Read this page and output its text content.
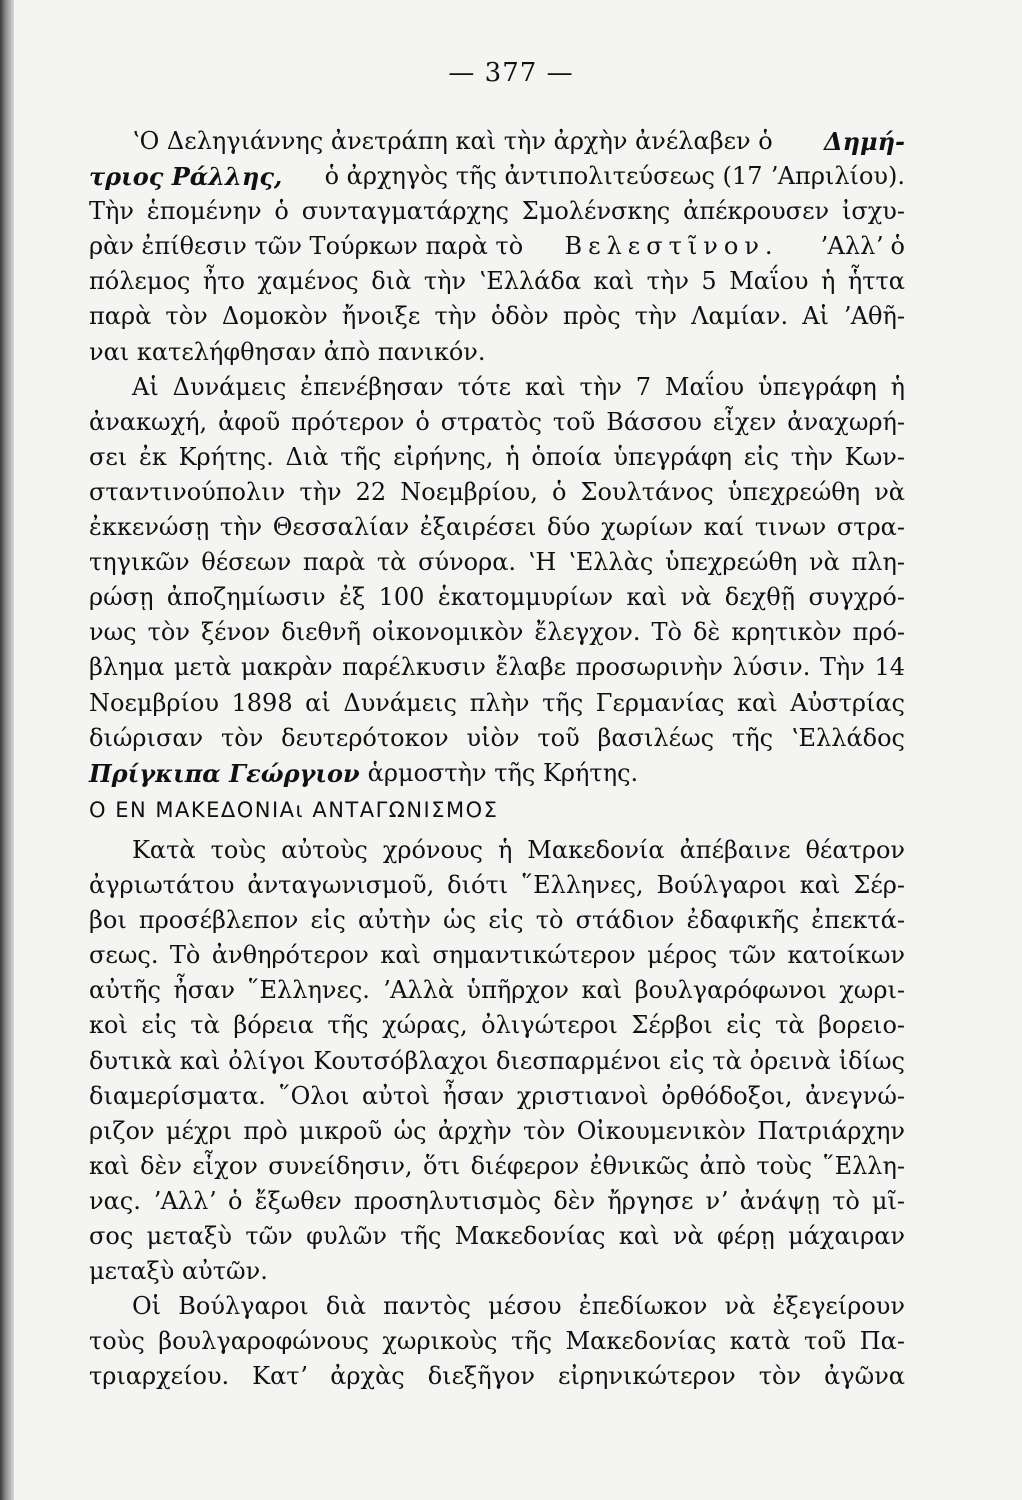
— 377 —
ʽΟ Δεληγιάννης ἀνετράπη καὶ τὴν ἀρχὴν ἀνέλαβεν ὁ Δημή-
τριος Ράλλης, ὁ ἀρχηγὸς τῆς ἀντιπολιτεύσεως (17 ʼΑπριλίου).
Τὴν ἑπομένην ὁ συνταγματάρχης Σμολένσκης ἀπέκρουσεν ἰσχυ-
ρὰν ἐπίθεσιν τῶν Τούρκων παρὰ τὸ Βελεστῖνον. ʼΑλλʼ ὁ
πόλεμος ἦτο χαμένος διὰ τὴν ʽΕλλάδα καὶ τὴν 5 Μαΐου ἡ ἧττα
παρὰ τὸν Δομοκὸν ἤνοιξε τὴν ὁδὸν πρὸς τὴν Λαμίαν. Αἱ ʼΑθῆ-
ναι κατελήφθησαν ἀπὸ πανικόν.
Αἱ Δυνάμεις ἐπενέβησαν τότε καὶ τὴν 7 Μαΐου ὑπεγράφη ἡ
ἀνακωχή, ἀφοῦ πρότερον ὁ στρατὸς τοῦ Βάσσου εἶχεν ἀναχωρή-
σει ἐκ Κρήτης. Διὰ τῆς εἰρήνης, ἡ ὁποία ὑπεγράφη εἰς τὴν Κων-
σταντινούπολιν τὴν 22 Νοεμβρίου, ὁ Σουλτάνος ὑπεχρεώθη νὰ
ἐκκενώσῃ τὴν Θεσσαλίαν ἐξαιρέσει δύο χωρίων καί τινων στρα-
τηγικῶν θέσεων παρὰ τὰ σύνορα. ʽΗ ʽΕλλὰς ὑπεχρεώθη νὰ πλη-
ρώσῃ ἀποζημίωσιν ἐξ 100 ἑκατομμυρίων καὶ νὰ δεχθῇ συγχρό-
νως τὸν ξένον διεθνῆ οἰκονομικὸν ἔλεγχον. Τὸ δὲ κρητικὸν πρό-
βλημα μετὰ μακρὰν παρέλκυσιν ἔλαβε προσωρινὴν λύσιν. Τὴν 14
Νοεμβρίου 1898 αἱ Δυνάμεις πλὴν τῆς Γερμανίας καὶ Αὐστρίας
διώρισαν τὸν δευτερότοκον υἱὸν τοῦ βασιλέως τῆς ʽΕλλάδος
Πρίγκιπα Γεώργιον ἁρμοστὴν τῆς Κρήτης.
Ο ΕΝ ΜΑΚΕΔΟΝΙΑι ΑΝΤΑΓΩΝΙΣΜΟΣ
Κατὰ τοὺς αὐτοὺς χρόνους ἡ Μακεδονία ἀπέβαινε θέατρον
ἀγριωτάτου ἀνταγωνισμοῦ, διότι ῞Ελληνες, Βούλγαροι καὶ Σέρ-
βοι προσέβλεπον εἰς αὐτὴν ὡς εἰς τὸ στάδιον ἐδαφικῆς ἐπεκτά-
σεως. Τὸ ἀνθηρότερον καὶ σημαντικώτερον μέρος τῶν κατοίκων
αὐτῆς ἦσαν ῞Ελληνες. ʼΑλλὰ ὑπῆρχον καὶ βουλγαρόφωνοι χωρι-
κοὶ εἰς τὰ βόρεια τῆς χώρας, ὀλιγώτεροι Σέρβοι εἰς τὰ βορειο-
δυτικὰ καὶ ὀλίγοι Κουτσόβλαχοι διεσπαρμένοι εἰς τὰ ὀρεινὰ ἰδίως
διαμερίσματα. ῞Ολοι αὐτοὶ ἦσαν χριστιανοὶ ὀρθόδοξοι, ἀνεγνώ-
ριζον μέχρι πρὸ μικροῦ ὡς ἀρχὴν τὸν Οἰκουμενικὸν Πατριάρχην
καὶ δὲν εἶχον συνείδησιν, ὅτι διέφερον ἐθνικῶς ἀπὸ τοὺς ῞Ελλη-
νας. ʼΑλλʼ ὁ ἔξωθεν προσηλυτισμὸς δὲν ἤργησε νʼ ἀνάψῃ τὸ μῖ-
σος μεταξὺ τῶν φυλῶν τῆς Μακεδονίας καὶ νὰ φέρῃ μάχαιραν
μεταξὺ αὐτῶν.
Οἱ Βούλγαροι διὰ παντὸς μέσου ἐπεδίωκον νὰ ἐξεγείρουν
τοὺς βουλγαροφώνους χωρικοὺς τῆς Μακεδονίας κατὰ τοῦ Πα-
τριαρχείου. Κατʼ ἀρχὰς διεξῆγον εἰρηνικώτερον τὸν ἀγῶνα
